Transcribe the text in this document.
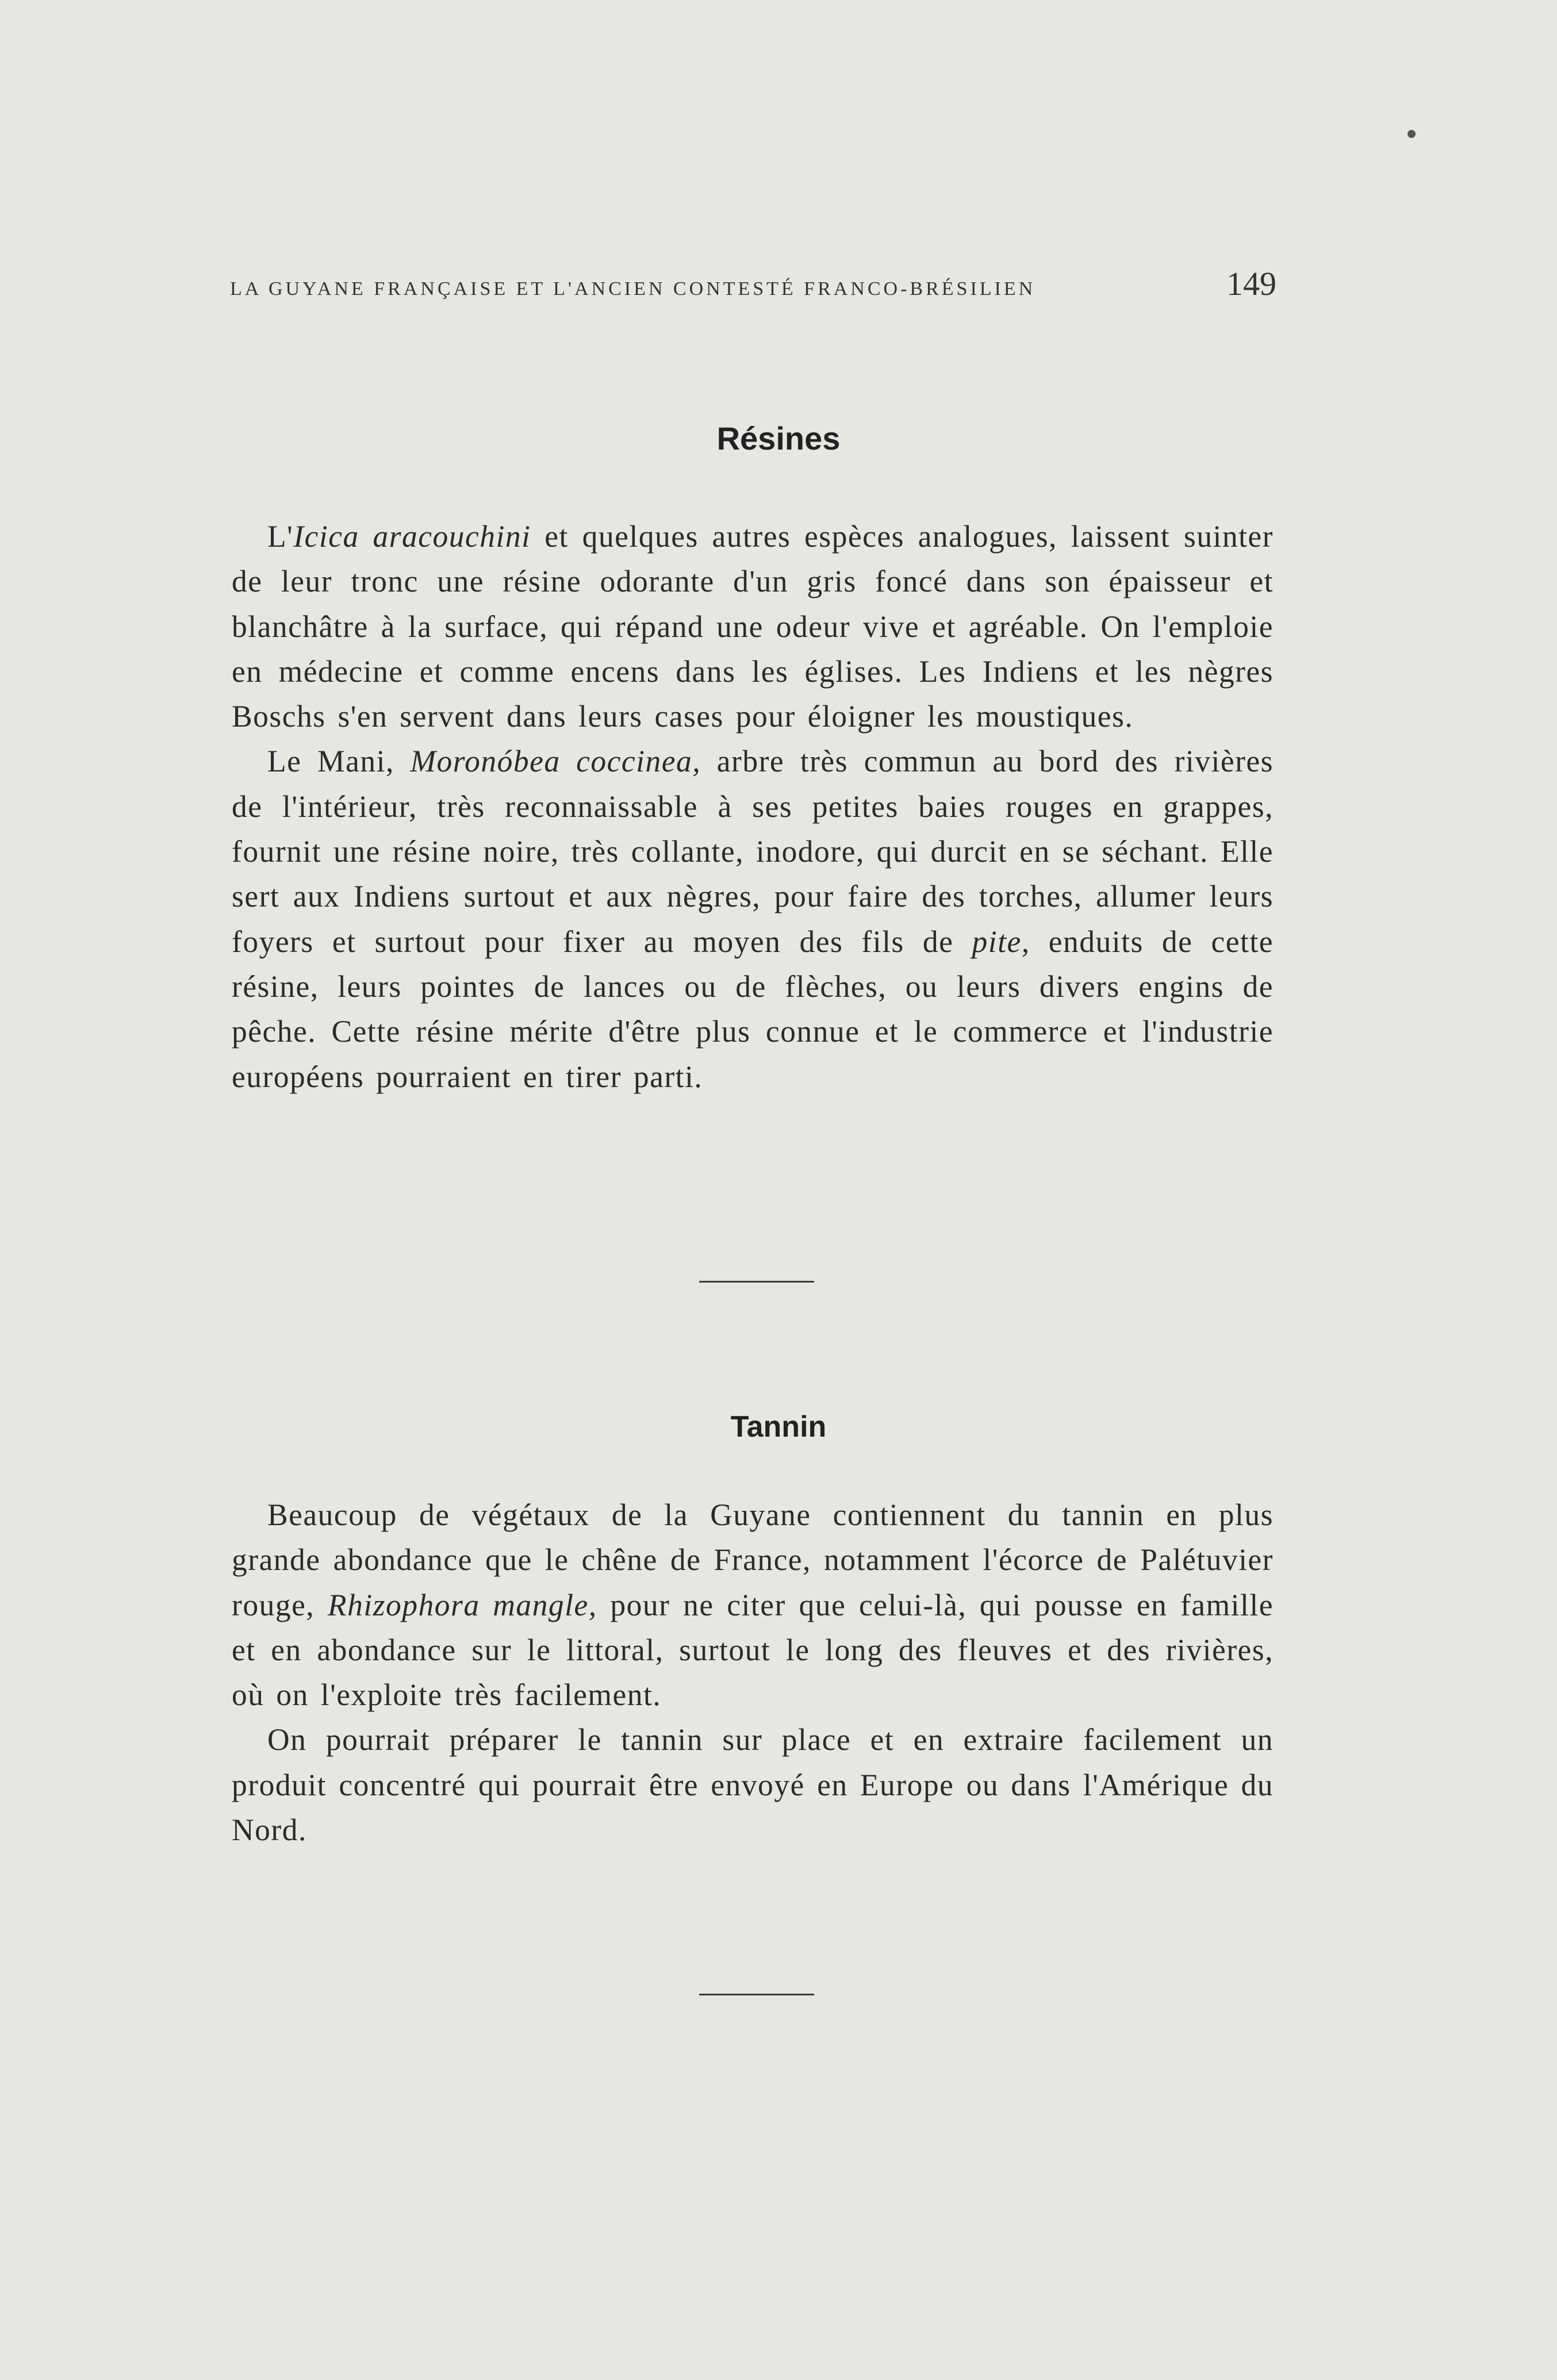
LA GUYANE FRANÇAISE ET L'ANCIEN CONTESTÉ FRANCO-BRÉSILIEN	149
Résines

L'Icica aracouchini et quelques autres espèces analogues, laissent suinter de leur tronc une résine odorante d'un gris foncé dans son épaisseur et blanchâtre à la surface, qui répand une odeur vive et agréable. On l'emploie en médecine et comme encens dans les églises. Les Indiens et les nègres Boschs s'en servent dans leurs cases pour éloigner les moustiques.

Le Mani, Moronóbea coccinea, arbre très commun au bord des rivières de l'intérieur, très reconnaissable à ses petites baies rouges en grappes, fournit une résine noire, très collante, inodore, qui durcit en se séchant. Elle sert aux Indiens surtout et aux nègres, pour faire des torches, allumer leurs foyers et surtout pour fixer au moyen des fils de pite, enduits de cette résine, leurs pointes de lances ou de flèches, ou leurs divers engins de pêche. Cette résine mérite d'être plus connue et le commerce et l'industrie européens pourraient en tirer parti.

Tannin

Beaucoup de végétaux de la Guyane contiennent du tannin en plus grande abondance que le chêne de France, notamment l'écorce de Palétuvier rouge, Rhizophora mangle, pour ne citer que celui-là, qui pousse en famille et en abondance sur le littoral, surtout le long des fleuves et des rivières, où on l'exploite très facilement.

On pourrait préparer le tannin sur place et en extraire facilement un produit concentré qui pourrait être envoyé en Europe ou dans l'Amérique du Nord.
